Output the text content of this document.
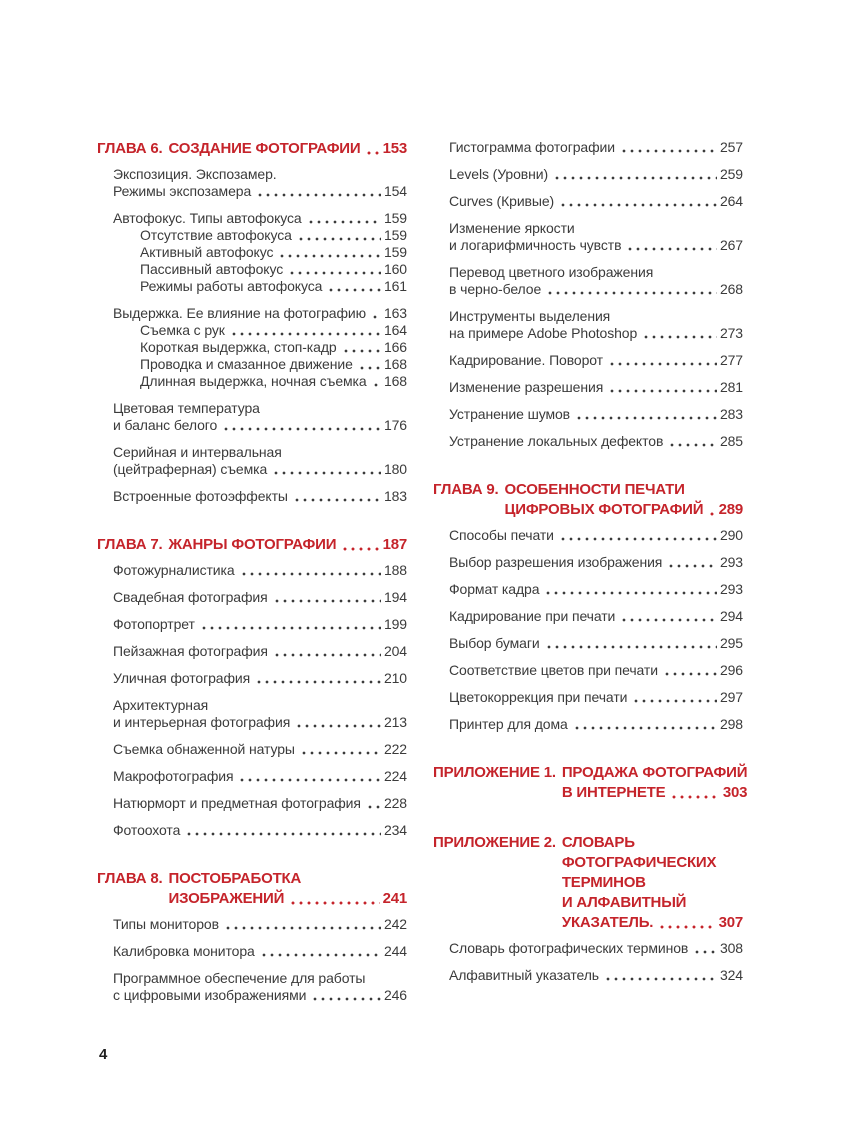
ГЛАВА 6. СОЗДАНИЕ ФОТОГРАФИИ 153
Экспозиция. Экспозамер.
Режимы экспозамера	154
Автофокус. Типы автофокуса	159
Отсутствие автофокуса	159
Активный автофокус	159
Пассивный автофокус	160
Режимы работы автофокуса	161
Выдержка. Ее влияние на фотографию 163
Съемка с рук	164
Короткая выдержка, стоп-кадр	166
Проводка и смазанное движение 168
Длинная выдержка, ночная съемка 168
Цветовая температура
и баланс белого	176
Серийная и интервальная
(цейтраферная) съемка	180
Встроенные фотоэффекты	183
ГЛАВА 7. ЖАНРЫ ФОТОГРАФИИ	187
Фотожурналистика	188
Свадебная фотография	194
Фотопортрет	199
Пейзажная фотография	204
Уличная фотография	210
Архитектурная
и интерьерная фотография	213
Съемка обнаженной натуры	222
Макрофотография	224
Натюрморт и предметная фотография 228
Фотоохота	234
ГЛАВА 8. ПОСТОБРАБОТКА
ИЗОБРАЖЕНИЙ	241
Типы мониторов	242
Калибровка монитора	244
Программное обеспечение для работы
с цифровыми изображениями	246
Гистограмма фотографии	257
Levels (Уровни)	259
Curves (Кривые)	264
Изменение яркости
и логарифмичность чувств	267
Перевод цветного изображения
в черно-белое	268
Инструменты выделения
на примере Adobe Photoshop	273
Кадрирование. Поворот	277
Изменение разрешения	281
Устранение шумов	283
Устранение локальных дефектов	285
ГЛАВА 9. ОСОБЕННОСТИ ПЕЧАТИ
ЦИФРОВЫХ ФОТОГРАФИЙ 289
Способы печати	290
Выбор разрешения изображения	293
Формат кадра	293
Кадрирование при печати	294
Выбор бумаги	295
Соответствие цветов при печати	296
Цветокоррекция при печати	297
Принтер для дома	298
ПРИЛОЖЕНИЕ 1. ПРОДАЖА ФОТОГРАФИЙ
В ИНТЕРНЕТЕ	303
ПРИЛОЖЕНИЕ 2. СЛОВАРЬ
ФОТОГРАФИЧЕСКИХ
ТЕРМИНОВ
И АЛФАВИТНЫЙ
УКАЗАТЕЛЬ.	307
Словарь фотографических терминов 308
Алфавитный указатель	324
4
